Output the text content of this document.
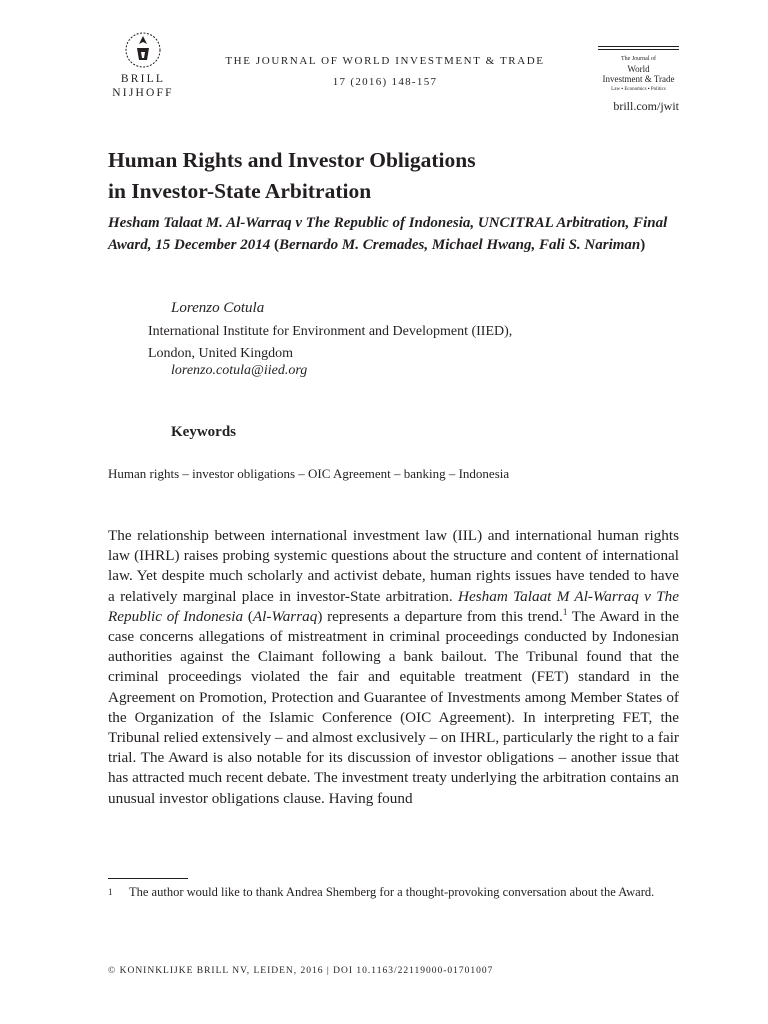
BRILL
NIJHOFF
THE JOURNAL OF WORLD INVESTMENT & TRADE
17 (2016) 148-157
The Journal of
World
Investment & Trade
Law ▪ Economics ▪ Politics
brill.com/jwit
Human Rights and Investor Obligations
in Investor-State Arbitration
Hesham Talaat M. Al-Warraq v The Republic of Indonesia, UNCITRAL Arbitration, Final Award, 15 December 2014 (Bernardo M. Cremades, Michael Hwang, Fali S. Nariman)
Lorenzo Cotula
International Institute for Environment and Development (IIED),
London, United Kingdom
lorenzo.cotula@iied.org
Keywords
Human rights – investor obligations – OIC Agreement – banking – Indonesia

The relationship between international investment law (IIL) and international human rights law (IHRL) raises probing systemic questions about the structure and content of international law. Yet despite much scholarly and activist debate, human rights issues have tended to have a relatively marginal place in investor-State arbitration. Hesham Talaat M Al-Warraq v The Republic of Indonesia (Al-Warraq) represents a departure from this trend.$^1$ The Award in the case concerns allegations of mistreatment in criminal proceedings conducted by Indonesian authorities against the Claimant following a bank bailout. The Tribunal found that the criminal proceedings violated the fair and equitable treatment (FET) standard in the Agreement on Promotion, Protection and Guarantee of Investments among Member States of the Organization of the Islamic Conference (OIC Agreement). In interpreting FET, the Tribunal relied extensively – and almost exclusively – on IHRL, particularly the right to a fair trial. The Award is also notable for its discussion of investor obligations – another issue that has attracted much recent debate. The investment treaty underlying the arbitration contains an unusual investor obligations clause. Having found

1 The author would like to thank Andrea Shemberg for a thought-provoking conversation about the Award.
© KONINKLIJKE BRILL NV, LEIDEN, 2016 | DOI 10.1163/22119000-01701007
